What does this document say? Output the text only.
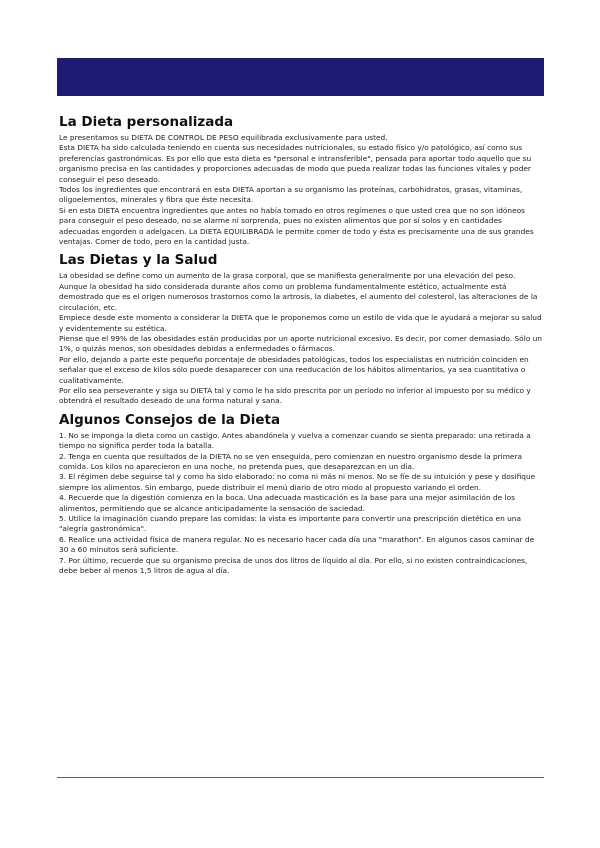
La Dieta personalizada

Le presentamos su DIETA DE CONTROL DE PESO equilibrada exclusivamente para usted.

Esta DIETA ha sido calculada teniendo en cuenta sus necesidades nutricionales, su estado físico y/o patológico, así como sus preferencias gastronómicas. Es por ello que esta dieta es "personal e intransferible", pensada para aportar todo aquello que su organismo precisa en las cantidades y proporciones adecuadas de modo que pueda realizar todas las funciones vitales y poder conseguir el peso deseado.

Todos los ingredientes que encontrará en esta DIETA aportan a su organismo las proteínas, carbohidratos, grasas, vitaminas, oligoelementos, minerales y fibra que éste necesita.

Si en esta DIETA encuentra ingredientes que antes no había tomado en otros regímenes o que usted crea que no son idóneos para conseguir el peso deseado, no se alarme ni sorprenda, pues no existen alimentos que por sí solos y en cantidades adecuadas engorden o adelgacen. La DIETA EQUILIBRADA le permite comer de todo y ésta es precisamente una de sus grandes ventajas. Comer de todo, pero en la cantidad justa.

Las Dietas y la Salud

La obesidad se define como un aumento de la grasa corporal, que se manifiesta generalmente por una elevación del peso. Aunque la obesidad ha sido considerada durante años como un problema fundamentalmente estético, actualmente está demostrado que es el origen numerosos trastornos como la artrosis, la diabetes, el aumento del colesterol, las alteraciones de la circulación, etc.

Empiece desde este momento a considerar la DIETA que le proponemos como un estilo de vida que le ayudará a mejorar su salud y evidentemente su estética.

Piense que el 99% de las obesidades están producidas por un aporte nutricional excesivo. Es decir, por comer demasiado. Sólo un 1%, o quizás menos, son obesidades debidas a enfermedades o fármacos.

Por ello, dejando a parte este pequeño porcentaje de obesidades patológicas, todos los especialistas en nutrición coinciden en señalar que el exceso de kilos sólo puede desaparecer con una reeducación de los hábitos alimentarios, ya sea cuantitativa o cualitativamente.

Por ello sea perseverante y siga su DIETA tal y como le ha sido prescrita por un período no inferior al impuesto por su médico y obtendrá el resultado deseado de una forma natural y sana.

Algunos Consejos de la Dieta

1. No se imponga la dieta como un castigo. Antes abandónela y vuelva a comenzar cuando se sienta preparado: una retirada a tiempo no significa perder toda la batalla.

2. Tenga en cuenta que resultados de la DIETA no se ven enseguida, pero comienzan en nuestro organismo desde la primera comida. Los kilos no aparecieron en una noche, no pretenda pues, que desaparezcan en un día.

3. El régimen debe seguirse tal y como ha sido elaborado: no coma ni más ni menos. No se fíe de su intuición y pese y dosifique siempre los alimentos. Sin embargo, puede distribuir el menú diario de otro modo al propuesto variando el orden.

4. Recuerde que la digestión comienza en la boca. Una adecuada masticación es la base para una mejor asimilación de los alimentos, permitiendo que se alcance anticipadamente la sensación de saciedad.

5. Utilice la imaginación cuando prepare las comidas: la vista es importante para convertir una prescripción dietética en una "alegría gastronómica".

6. Realice una actividad física de manera regular. No es necesario hacer cada día una "marathon". En algunos casos caminar de 30 a 60 minutos será suficiente.

7. Por último, recuerde que su organismo precisa de unos dos litros de líquido al día. Por ello, si no existen contraindicaciones, debe beber al menos 1,5 litros de agua al día.
